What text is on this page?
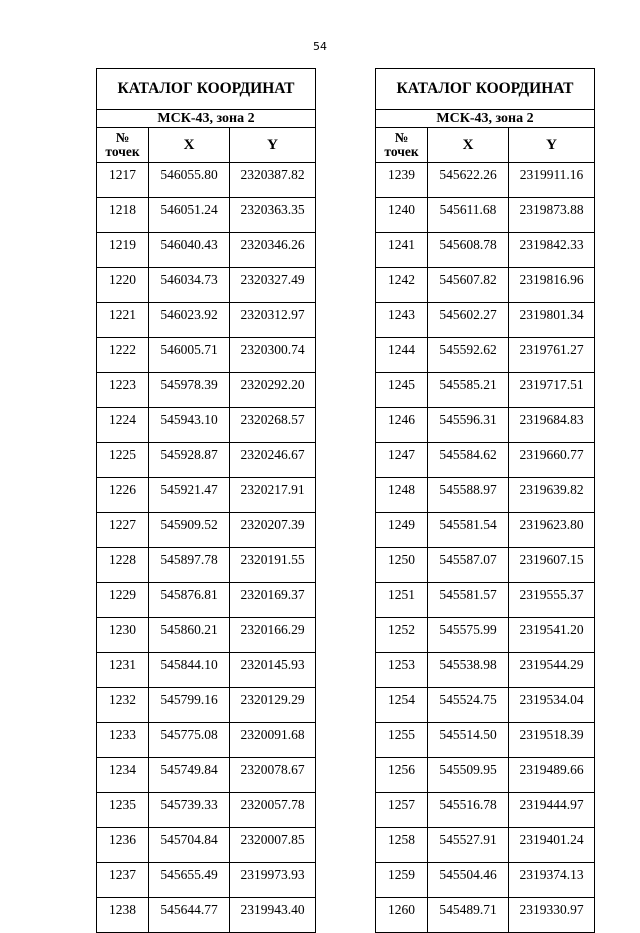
54
КАТАЛОГ КООРДИНАТ		
МСК-43, зона 2		
№
точек	X	Y
1217	546055.80	2320387.82
1218	546051.24	2320363.35
1219	546040.43	2320346.26
1220	546034.73	2320327.49
1221	546023.92	2320312.97
1222	546005.71	2320300.74
1223	545978.39	2320292.20
1224	545943.10	2320268.57
1225	545928.87	2320246.67
1226	545921.47	2320217.91
1227	545909.52	2320207.39
1228	545897.78	2320191.55
1229	545876.81	2320169.37
1230	545860.21	2320166.29
1231	545844.10	2320145.93
1232	545799.16	2320129.29
1233	545775.08	2320091.68
1234	545749.84	2320078.67
1235	545739.33	2320057.78
1236	545704.84	2320007.85
1237	545655.49	2319973.93
1238	545644.77	2319943.40
КАТАЛОГ КООРДИНАТ		
МСК-43, зона 2		
№
точек	X	Y
1239	545622.26	2319911.16
1240	545611.68	2319873.88
1241	545608.78	2319842.33
1242	545607.82	2319816.96
1243	545602.27	2319801.34
1244	545592.62	2319761.27
1245	545585.21	2319717.51
1246	545596.31	2319684.83
1247	545584.62	2319660.77
1248	545588.97	2319639.82
1249	545581.54	2319623.80
1250	545587.07	2319607.15
1251	545581.57	2319555.37
1252	545575.99	2319541.20
1253	545538.98	2319544.29
1254	545524.75	2319534.04
1255	545514.50	2319518.39
1256	545509.95	2319489.66
1257	545516.78	2319444.97
1258	545527.91	2319401.24
1259	545504.46	2319374.13
1260	545489.71	2319330.97
